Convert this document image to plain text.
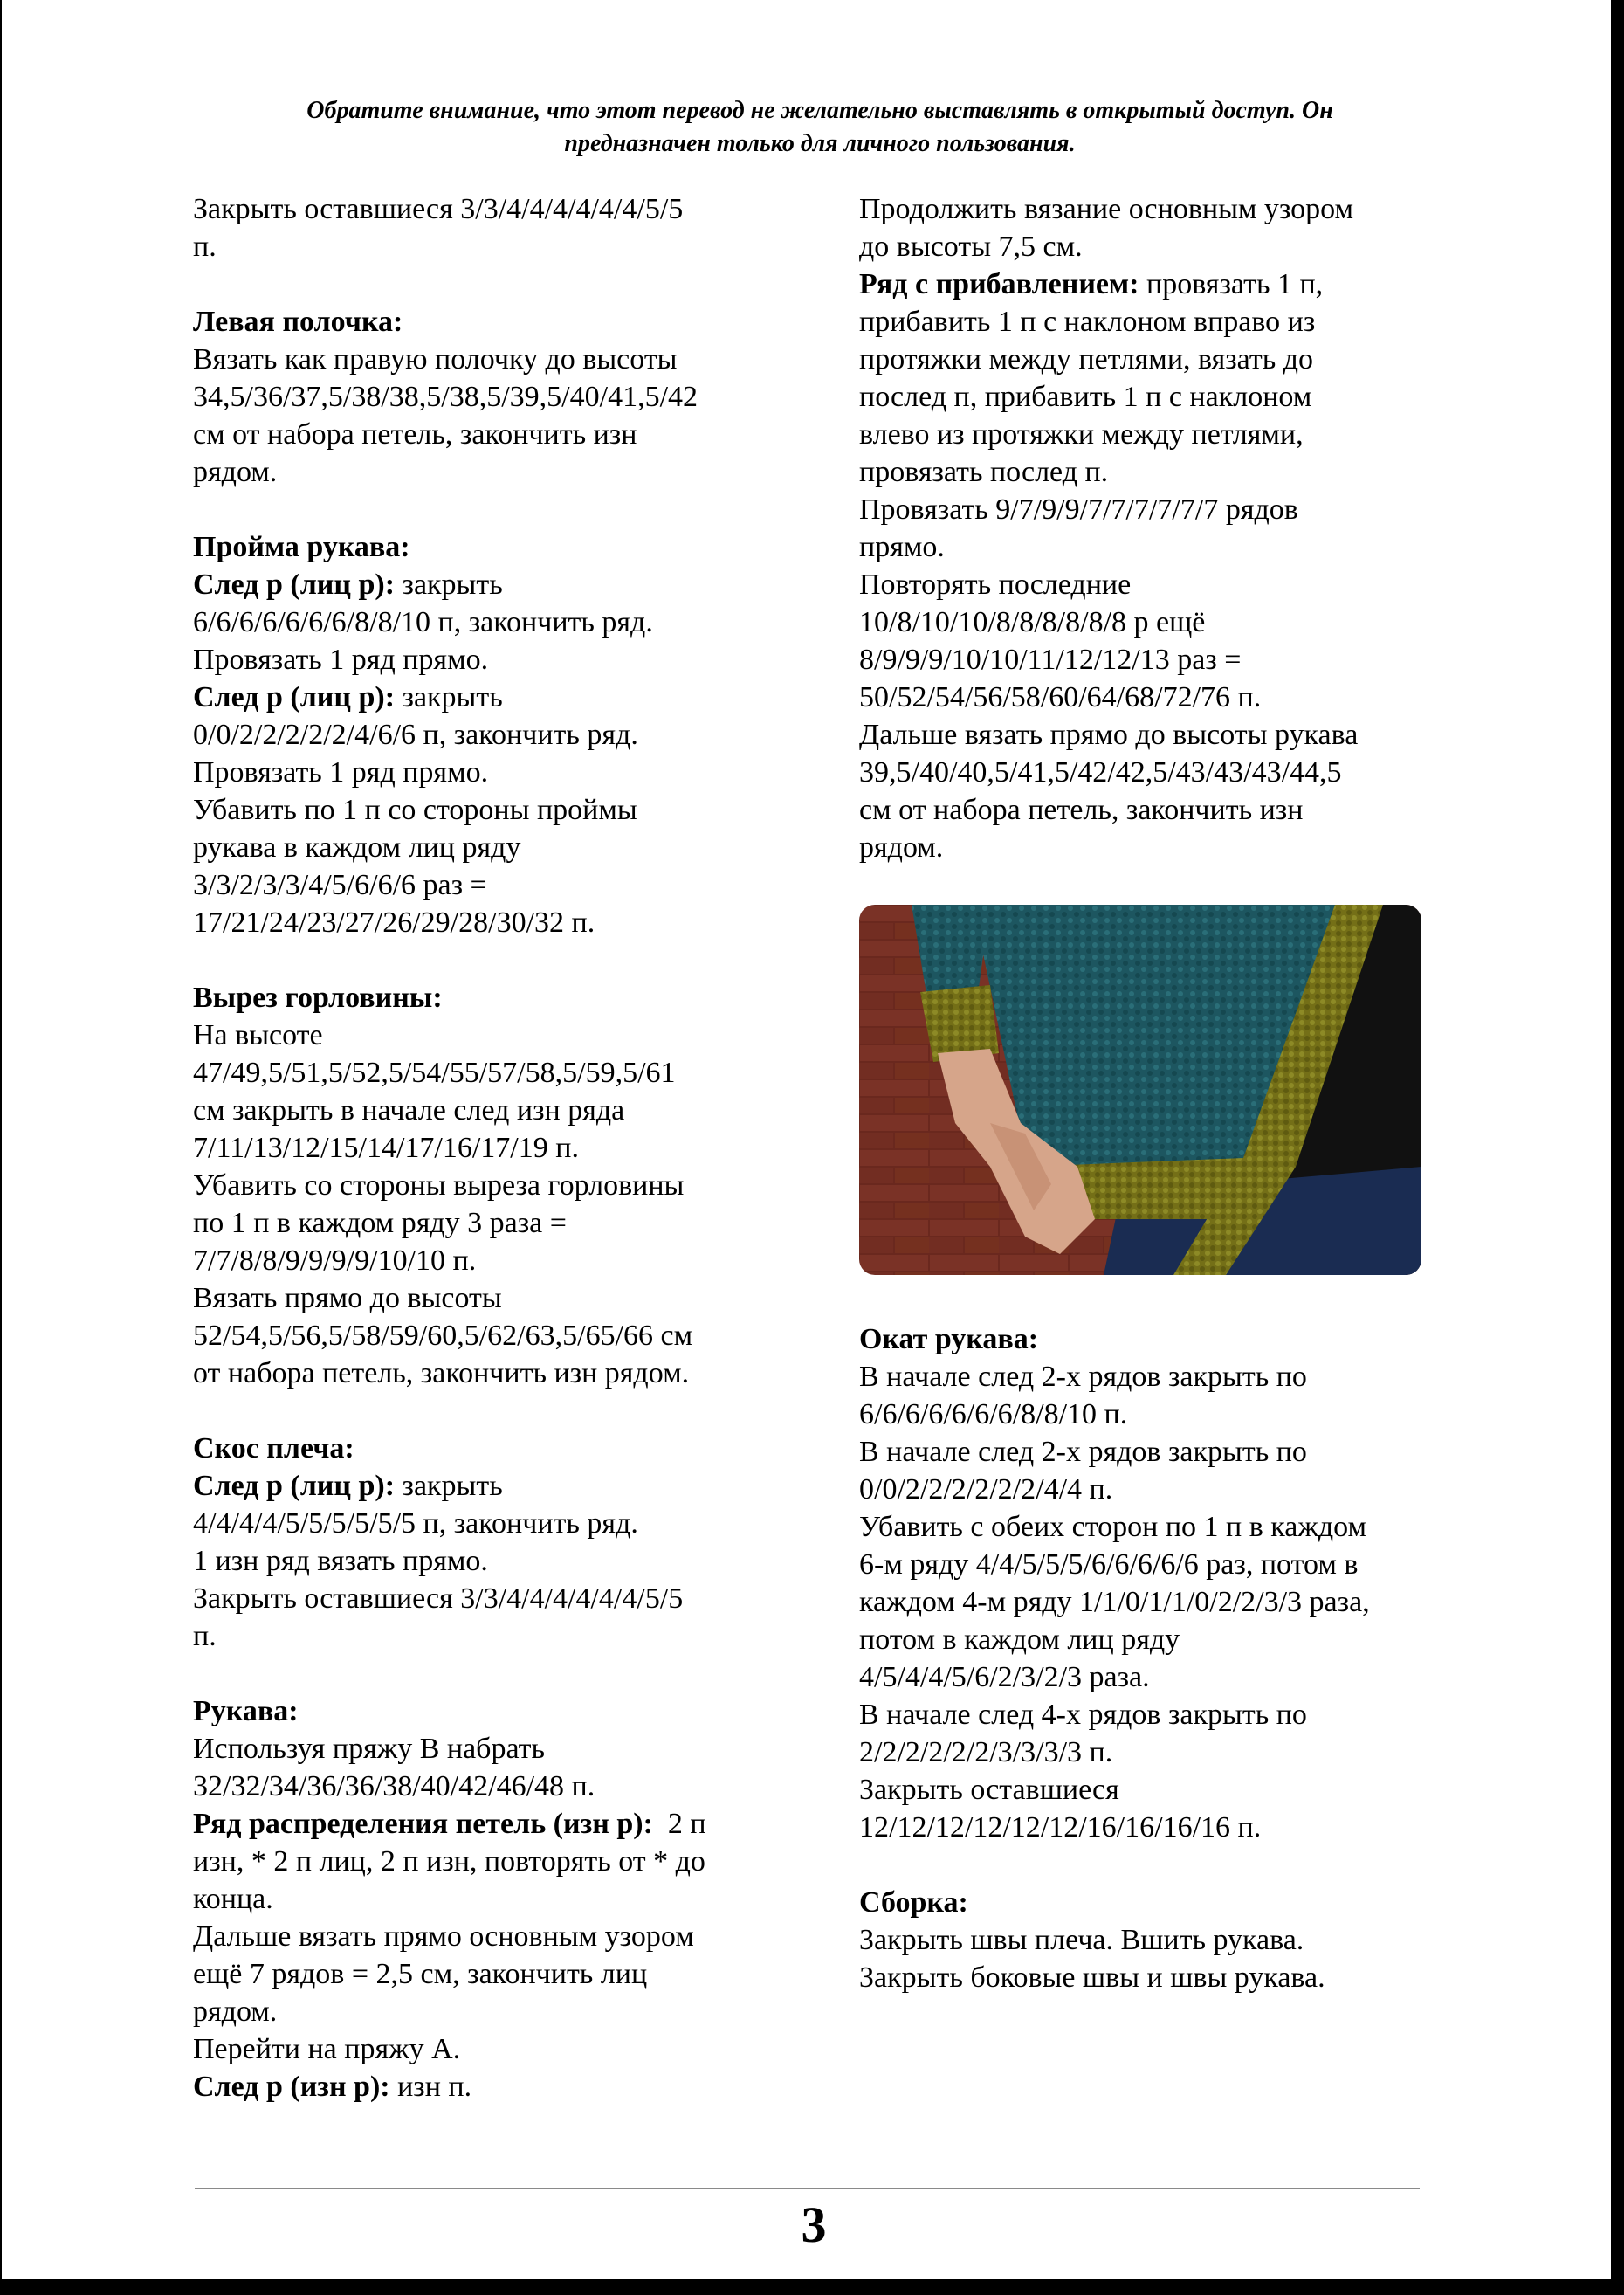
Обратите внимание, что этот перевод не желательно выставлять в открытый доступ. Он
предназначен только для личного пользования.

Закрыть оставшиеся 3/3/4/4/4/4/4/4/5/5

п.

Левая полочка:

Вязать как правую полочку до высоты

34,5/36/37,5/38/38,5/38,5/39,5/40/41,5/42

см от набора петель, закончить изн

рядом.

Пройма рукава:

След р (лиц р): закрыть

6/6/6/6/6/6/6/8/8/10 п, закончить ряд.

Провязать 1 ряд прямо.

След р (лиц р): закрыть

0/0/2/2/2/2/2/4/6/6 п, закончить ряд.

Провязать 1 ряд прямо.

Убавить по 1 п со стороны проймы

рукава в каждом лиц ряду

3/3/2/3/3/4/5/6/6/6 раз =

17/21/24/23/27/26/29/28/30/32 п.

Вырез горловины:

На высоте

47/49,5/51,5/52,5/54/55/57/58,5/59,5/61

см закрыть в начале след изн ряда

7/11/13/12/15/14/17/16/17/19 п.

Убавить со стороны выреза горловины

по 1 п в каждом ряду 3 раза =

7/7/8/8/9/9/9/9/10/10 п.

Вязать прямо до высоты

52/54,5/56,5/58/59/60,5/62/63,5/65/66 см

от набора петель, закончить изн рядом.

Скос плеча:

След р (лиц р): закрыть

4/4/4/4/5/5/5/5/5/5 п, закончить ряд.

1 изн ряд вязать прямо.

Закрыть оставшиеся 3/3/4/4/4/4/4/4/5/5

п.

Рукава:

Используя пряжу В набрать

32/32/34/36/36/38/40/42/46/48 п.

Ряд распределения петель (изн р):  2 п

изн, * 2 п лиц, 2 п изн, повторять от * до

конца.

Дальше вязать прямо основным узором

ещё 7 рядов = 2,5 см, закончить лиц

рядом.

Перейти на пряжу А.

След р (изн р): изн п.

Продолжить вязание основным узором

до высоты 7,5 см.

Ряд с прибавлением: провязать 1 п,

прибавить 1 п с наклоном вправо из

протяжки между петлями, вязать до

послед п, прибавить 1 п с наклоном

влево из протяжки между петлями,

провязать послед п.

Провязать 9/7/9/9/7/7/7/7/7/7 рядов

прямо.

Повторять последние

10/8/10/10/8/8/8/8/8/8 р ещё

8/9/9/9/10/10/11/12/12/13 раз =

50/52/54/56/58/60/64/68/72/76 п.

Дальше вязать прямо до высоты рукава

39,5/40/40,5/41,5/42/42,5/43/43/43/44,5

см от набора петель, закончить изн

рядом.

Окат рукава:

В начале след 2-х рядов закрыть по

6/6/6/6/6/6/6/8/8/10 п.

В начале след 2-х рядов закрыть по

0/0/2/2/2/2/2/2/4/4 п.

Убавить с обеих сторон по 1 п в каждом

6-м ряду 4/4/5/5/5/6/6/6/6/6 раз, потом в

каждом 4-м ряду 1/1/0/1/1/0/2/2/3/3 раза,

потом в каждом лиц ряду

4/5/4/4/5/6/2/3/2/3 раза.

В начале след 4-х рядов закрыть по

2/2/2/2/2/2/3/3/3/3 п.

Закрыть оставшиеся

12/12/12/12/12/12/16/16/16/16 п.

Сборка:

Закрыть швы плеча. Вшить рукава.

Закрыть боковые швы и швы рукава.

3
